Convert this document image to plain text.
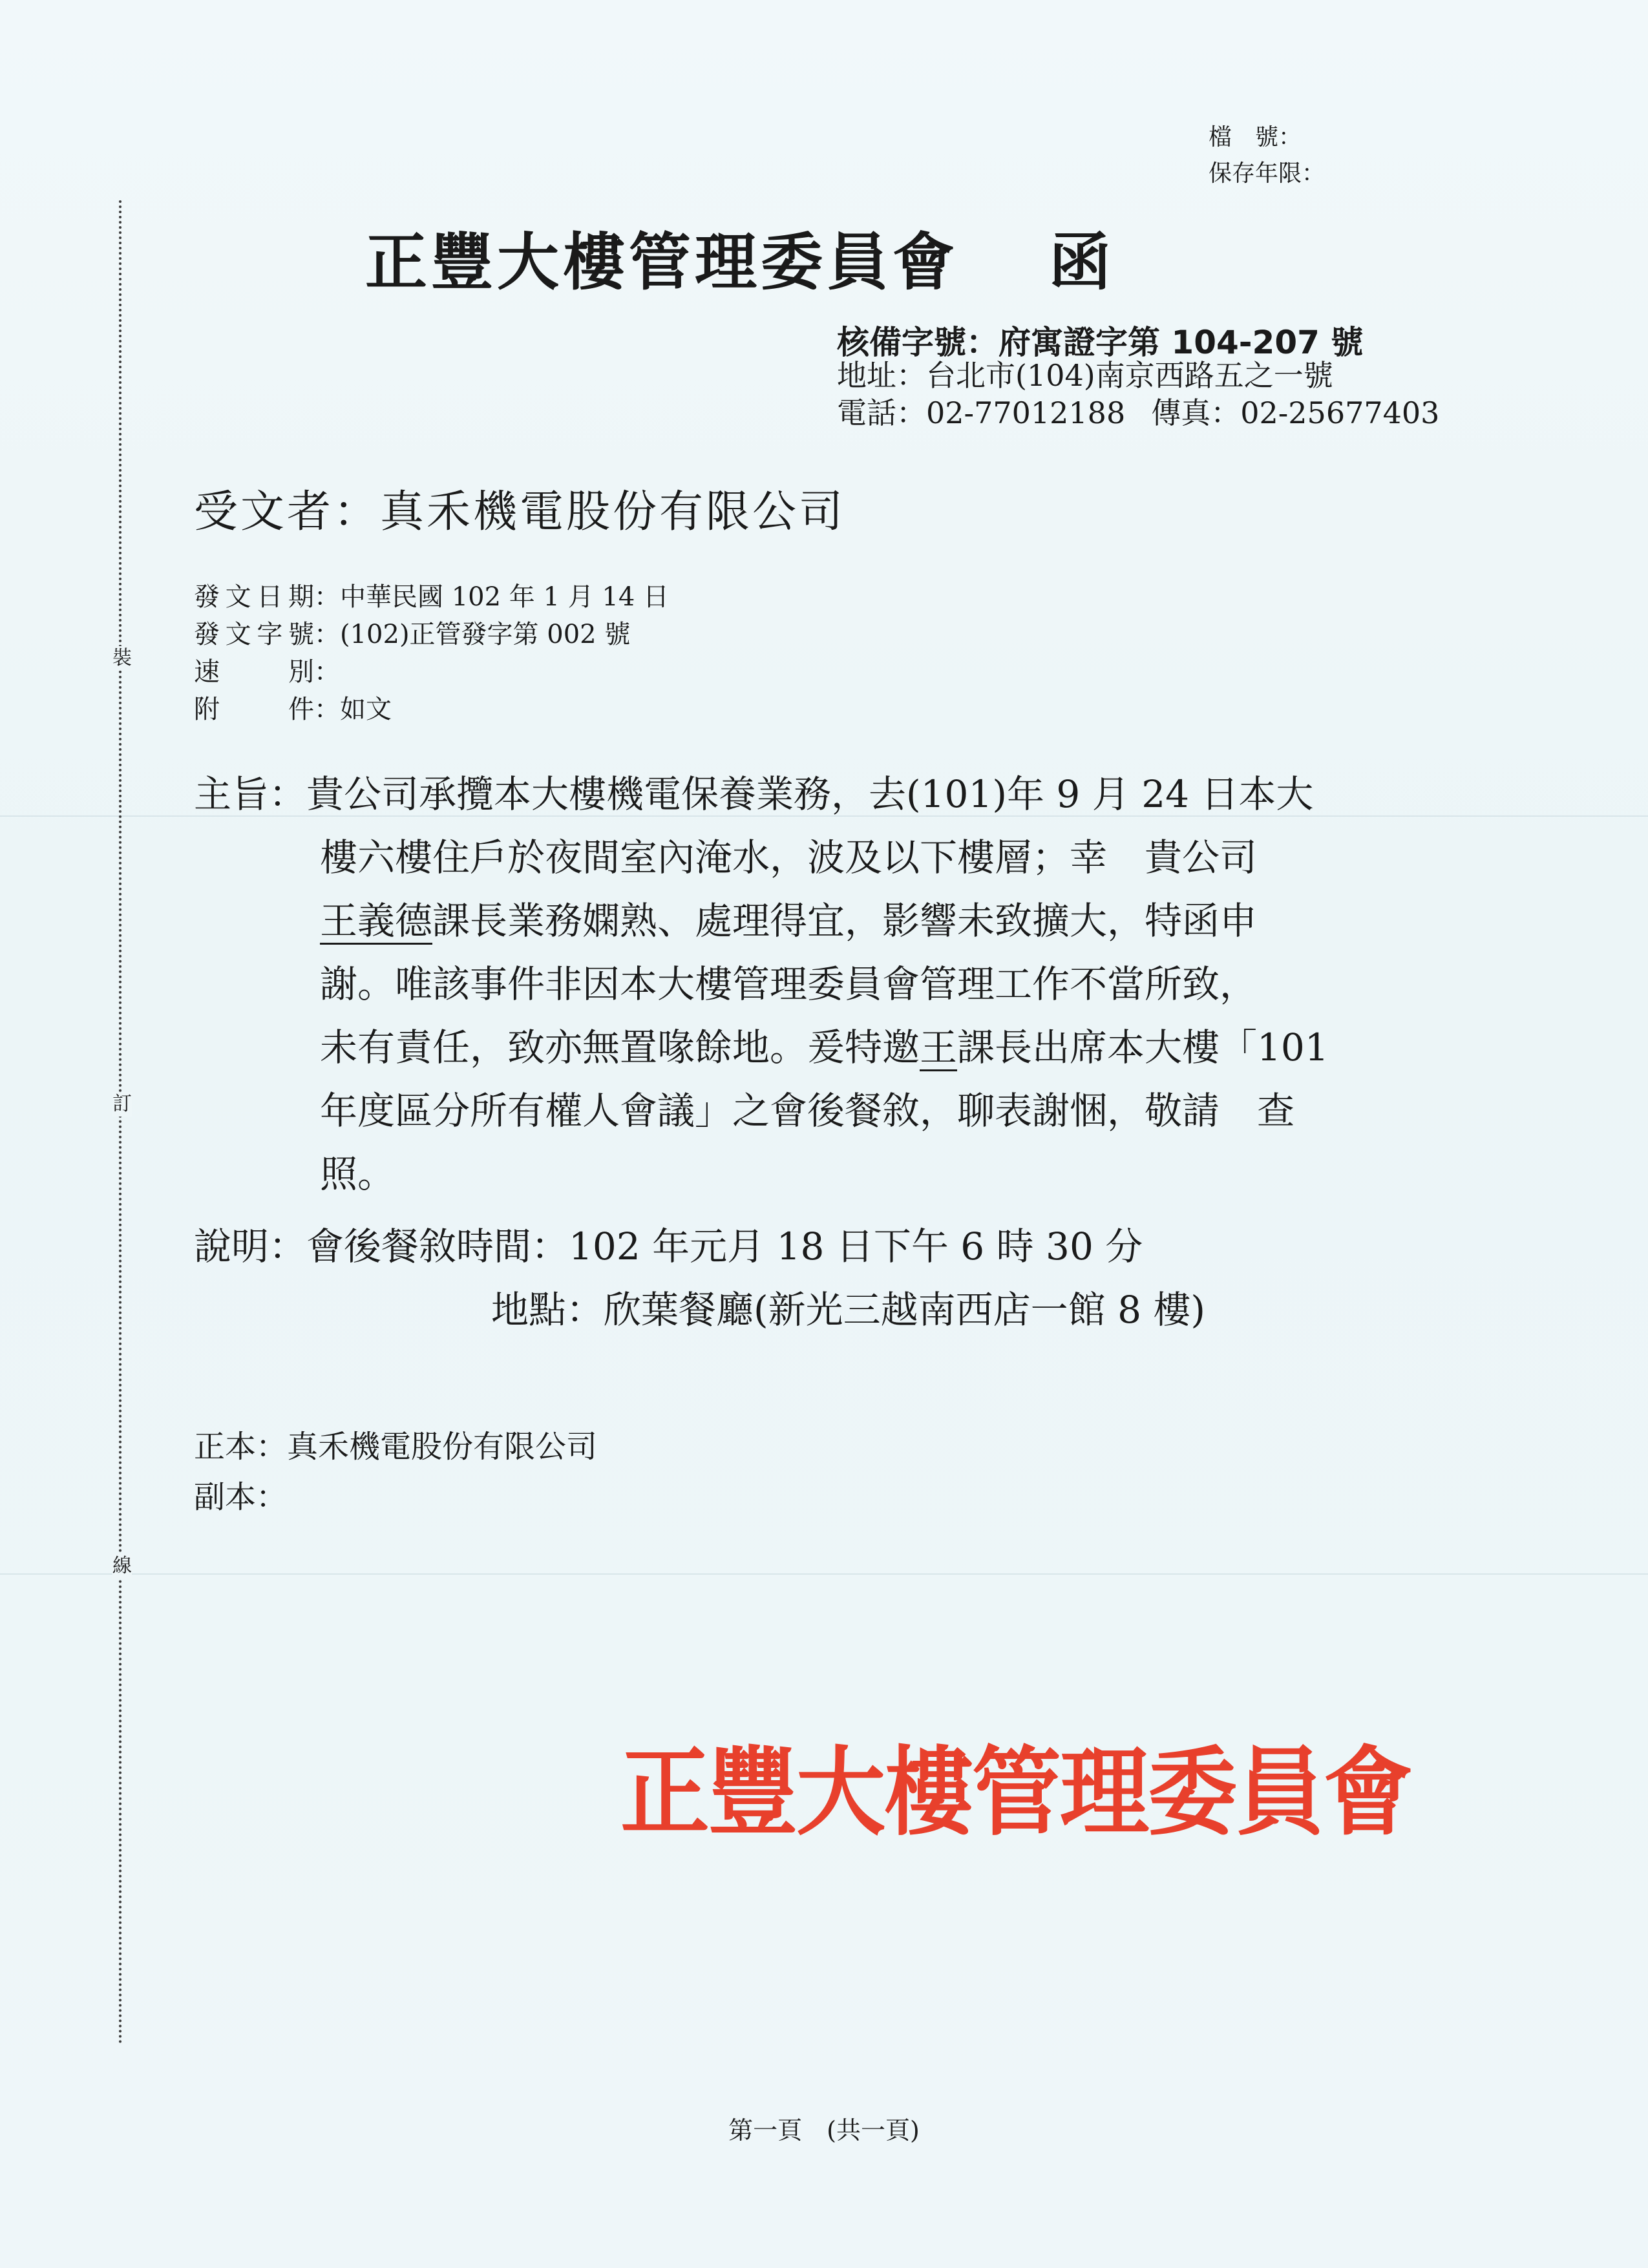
裝
訂
線
檔　號：
保存年限：
正豐大樓管理委員會 函
核備字號：府寓證字第 104-207 號
地址：台北市(104)南京西路五之一號
電話：02-77012188 傳真：02-25677403
受文者：真禾機電股份有限公司
發文日期：中華民國 102 年 1 月 14 日
發文字號：(102)正管發字第 002 號
速別：
附件：如文
主旨：貴公司承攬本大樓機電保養業務，去(101)年 9 月 24 日本大
樓六樓住戶於夜間室內淹水，波及以下樓層；幸　貴公司
王義德課長業務嫻熟、處理得宜，影響未致擴大，特函申
謝。唯該事件非因本大樓管理委員會管理工作不當所致，
未有責任，致亦無置喙餘地。爰特邀王課長出席本大樓「101
年度區分所有權人會議」之會後餐敘，聊表謝悃，敬請　查
照。
說明：會後餐敘時間：102 年元月 18 日下午 6 時 30 分
地點：欣葉餐廳(新光三越南西店一館 8 樓)
正本：真禾機電股份有限公司
副本：
正豐大樓管理委員會
第一頁　(共一頁)
